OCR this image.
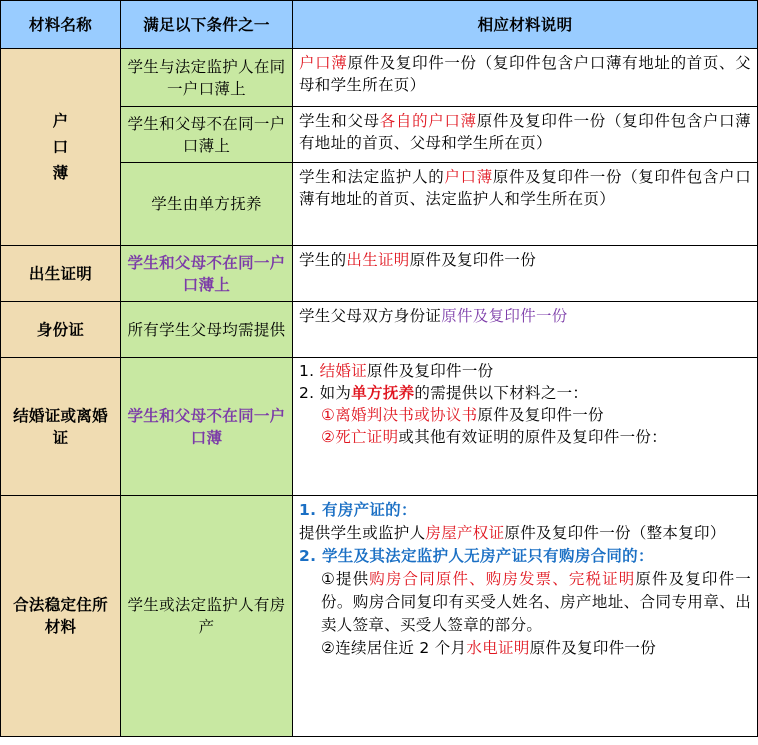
材料名称	满足以下条件之一	相应材料说明
户
口
薄	学生与法定监护人在同一户口薄上	户口薄原件及复印件一份（复印件包含户口薄有地址的首页、父母和学生所在页）
	学生和父母不在同一户口薄上	学生和父母各自的户口薄原件及复印件一份（复印件包含户口薄有地址的首页、父母和学生所在页）
	学生由单方抚养	学生和法定监护人的户口薄原件及复印件一份（复印件包含户口薄有地址的首页、法定监护人和学生所在页）
出生证明	学生和父母不在同一户口薄上	学生的出生证明原件及复印件一份
身份证	所有学生父母均需提供	学生父母双方身份证原件及复印件一份
结婚证或离婚证	学生和父母不在同一户口薄	1. 结婚证原件及复印件一份
2. 如为单方抚养的需提供以下材料之一：
①离婚判决书或协议书原件及复印件一份
②死亡证明或其他有效证明的原件及复印件一份：

合法稳定住所材料	学生或法定监护人有房产	1. 有房产证的：
提供学生或监护人房屋产权证原件及复印件一份（整本复印）
2. 学生及其法定监护人无房产证只有购房合同的：
①提供购房合同原件、购房发票、完税证明原件及复印件一份。购房合同复印有买受人姓名、房产地址、合同专用章、出卖人签章、买受人签章的部分。
②连续居住近 2 个月水电证明原件及复印件一份
